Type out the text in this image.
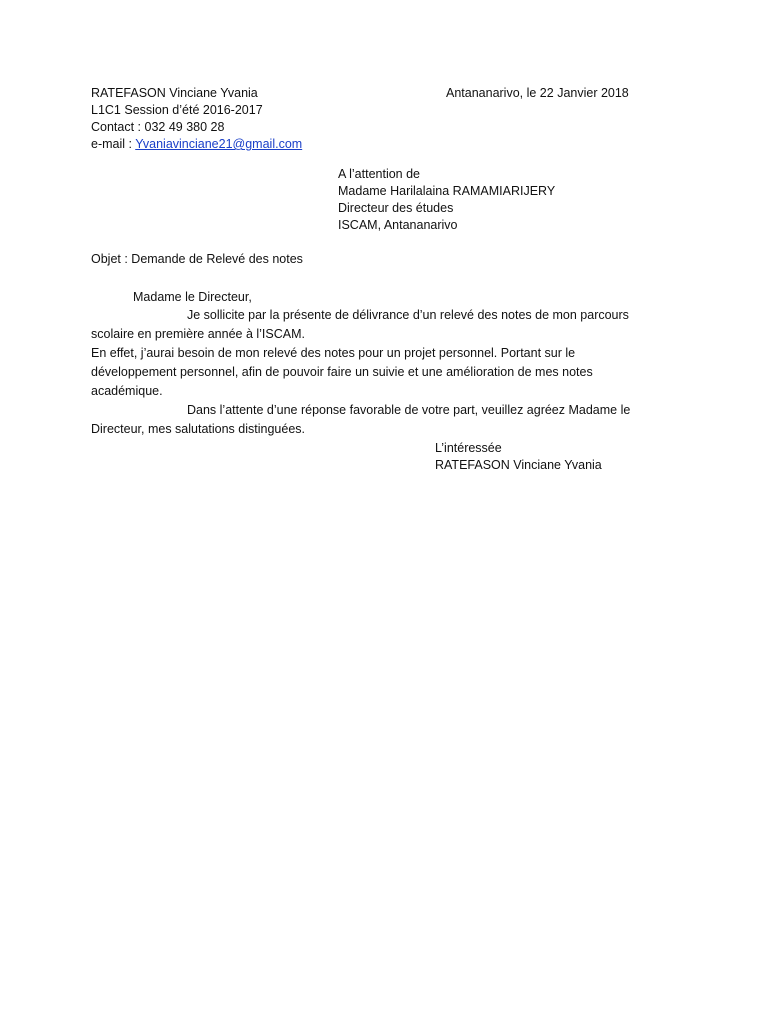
RATEFASON Vinciane Yvania
L1C1 Session d’été 2016-2017
Contact : 032 49 380 28
e-mail : Yvaniavinciane21@gmail.com
Antananarivo, le 22 Janvier 2018
A l’attention de
Madame Harilalaina RAMAMIARIJERY
Directeur des études
ISCAM, Antananarivo
Objet : Demande de Relevé des notes
Madame le Directeur,
Je sollicite par la présente de délivrance d’un relevé des notes de mon parcours
scolaire en première année à l’ISCAM.
En effet, j’aurai besoin de mon relevé des notes pour un projet personnel. Portant sur le
développement personnel, afin de pouvoir faire un suivie et une amélioration de mes notes
académique.
Dans l’attente d’une réponse favorable de votre part, veuillez agréez Madame le
Directeur, mes salutations distinguées.
L’intéressée
RATEFASON Vinciane Yvania
